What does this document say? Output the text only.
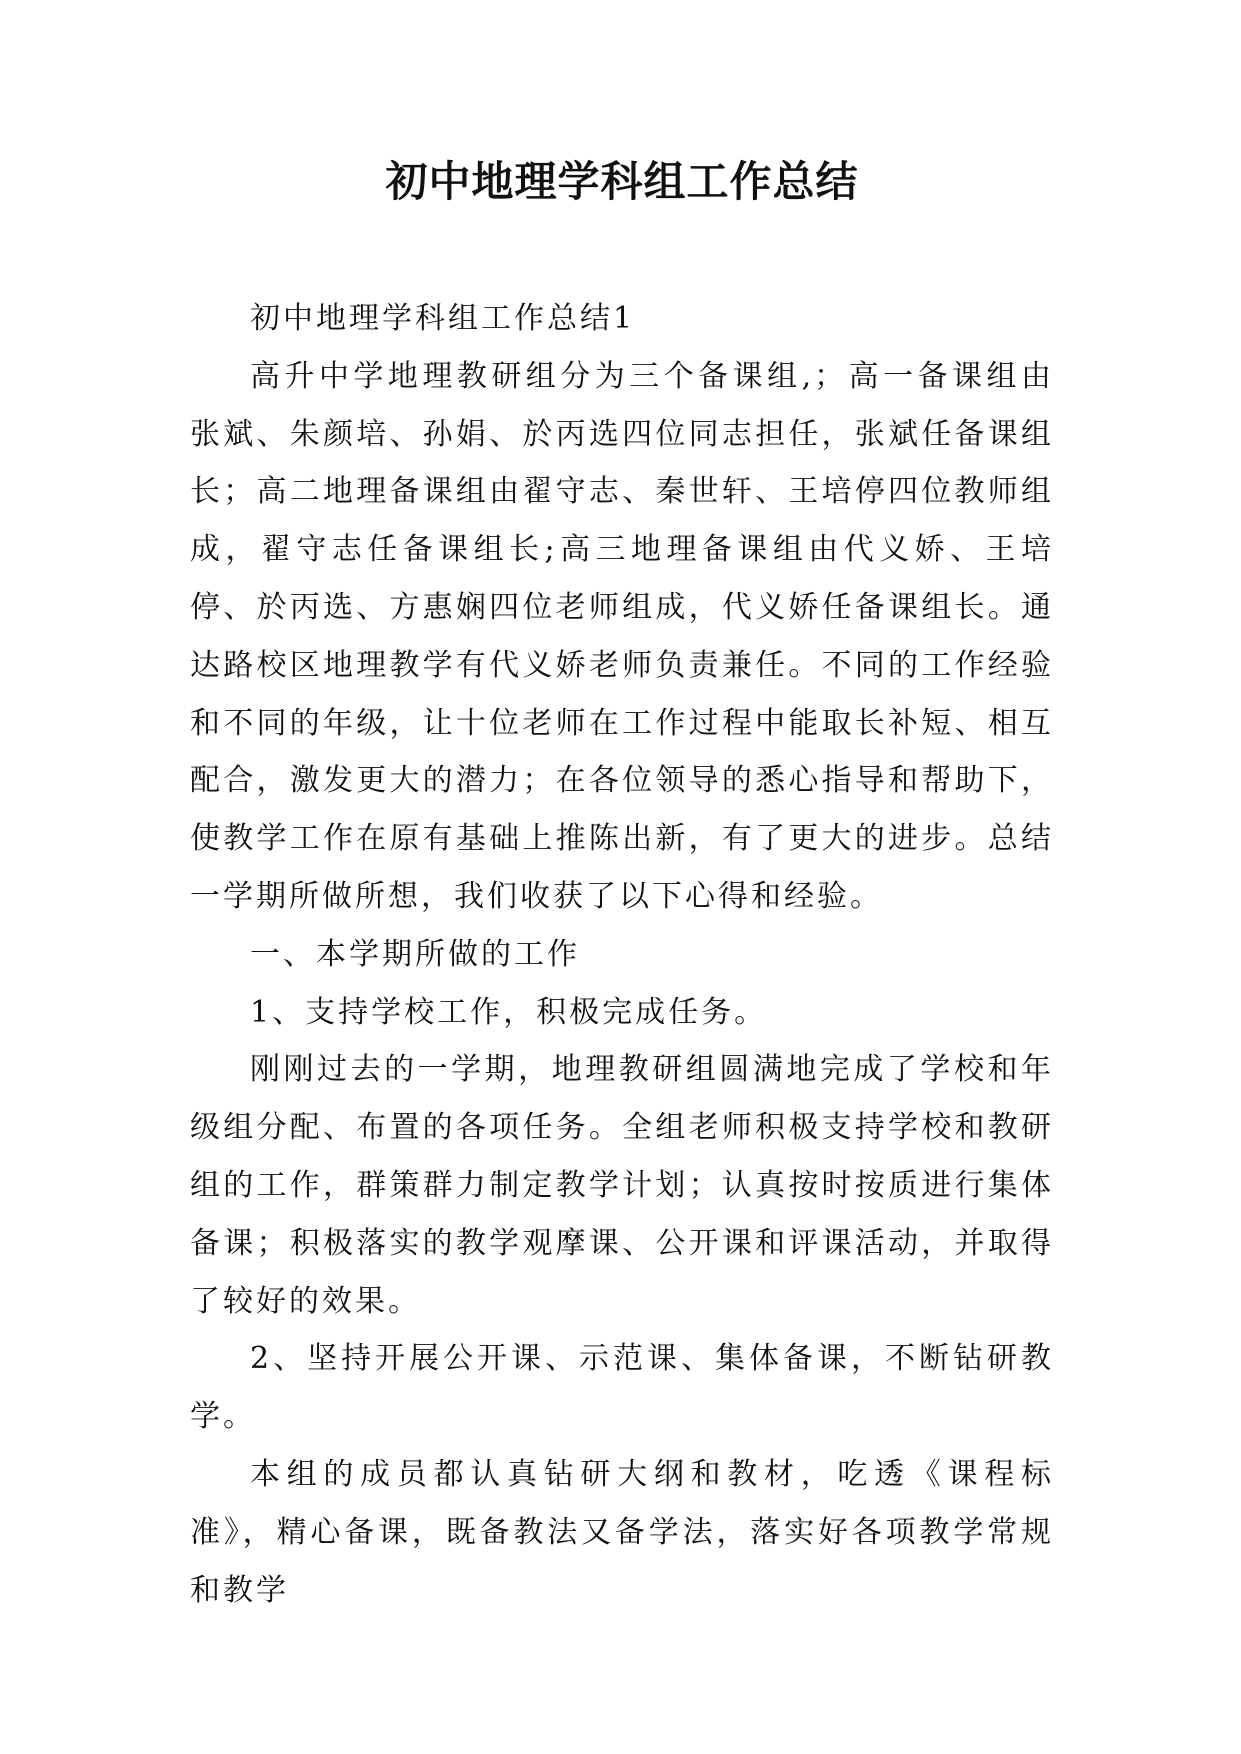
初中地理学科组工作总结

初中地理学科组工作总结1

高升中学地理教研组分为三个备课组,；高一备课组由张斌、朱颜培、孙娟、於丙选四位同志担任，张斌任备课组长；高二地理备课组由翟守志、秦世轩、王培停四位教师组成，翟守志任备课组长;高三地理备课组由代义娇、王培停、於丙选、方惠娴四位老师组成，代义娇任备课组长。通达路校区地理教学有代义娇老师负责兼任。不同的工作经验和不同的年级，让十位老师在工作过程中能取长补短、相互配合，激发更大的潜力；在各位领导的悉心指导和帮助下，使教学工作在原有基础上推陈出新，有了更大的进步。总结一学期所做所想，我们收获了以下心得和经验。

一、本学期所做的工作

1、支持学校工作，积极完成任务。

刚刚过去的一学期，地理教研组圆满地完成了学校和年级组分配、布置的各项任务。全组老师积极支持学校和教研组的工作，群策群力制定教学计划；认真按时按质进行集体备课；积极落实的教学观摩课、公开课和评课活动，并取得了较好的效果。

2、坚持开展公开课、示范课、集体备课，不断钻研教学。

本组的成员都认真钻研大纲和教材，吃透《课程标准》，精心备课，既备教法又备学法，落实好各项教学常规和教学
